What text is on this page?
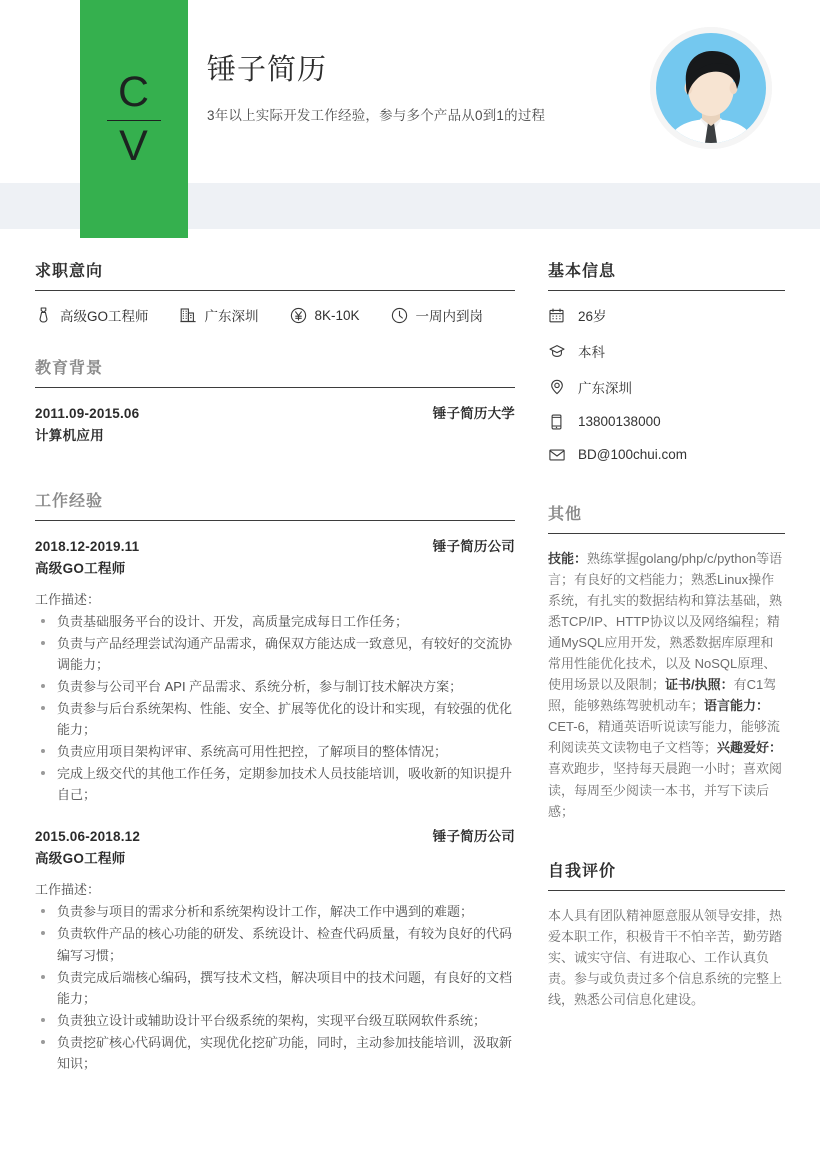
C
V
锤子简历

3年以上实际开发工作经验，参与多个产品从0到1的过程

求职意向
高级GO工程师	广东深圳	8K-10K	一周内到岗
教育背景
2011.09-2015.06	锤子简历大学
计算机应用
工作经验
2018.12-2019.11	锤子简历公司
高级GO工程师
工作描述：
负责基础服务平台的设计、开发，高质量完成每日工作任务；
负责与产品经理尝试沟通产品需求，确保双方能达成一致意见，有较好的交流协调能力；
负责参与公司平台 API 产品需求、系统分析，参与制订技术解决方案；
负责参与后台系统架构、性能、安全、扩展等优化的设计和实现，有较强的优化能力；
负责应用项目架构评审、系统高可用性把控，了解项目的整体情况；
完成上级交代的其他工作任务，定期参加技术人员技能培训，吸收新的知识提升自己；
2015.06-2018.12	锤子简历公司
高级GO工程师
工作描述：
负责参与项目的需求分析和系统架构设计工作，解决工作中遇到的难题；
负责软件产品的核心功能的研发、系统设计、检查代码质量，有较为良好的代码编写习惯；
负责完成后端核心编码，撰写技术文档，解决项目中的技术问题，有良好的文档能力；
负责独立设计或辅助设计平台级系统的架构，实现平台级互联网软件系统；
负责挖矿核心代码调优，实现优化挖矿功能，同时，主动参加技能培训，汲取新知识；
基本信息
26岁
本科
广东深圳
13800138000
BD@100chui.com
其他

技能：熟练掌握golang/php/c/python等语言；有良好的文档能力；熟悉Linux操作系统，有扎实的数据结构和算法基础，熟悉TCP/IP、HTTP协议以及网络编程；精通MySQL应用开发，熟悉数据库原理和常用性能优化技术，以及 NoSQL原理、使用场景以及限制；证书/执照：有C1驾照，能够熟练驾驶机动车；语言能力：CET-6，精通英语听说读写能力，能够流利阅读英文读物电子文档等；兴趣爱好：喜欢跑步，坚持每天晨跑一小时；喜欢阅读，每周至少阅读一本书，并写下读后感；

自我评价

本人具有团队精神愿意服从领导安排，热爱本职工作，积极肯干不怕辛苦，勤劳踏实、诚实守信、有进取心、工作认真负责。参与或负责过多个信息系统的完整上线，熟悉公司信息化建设。
